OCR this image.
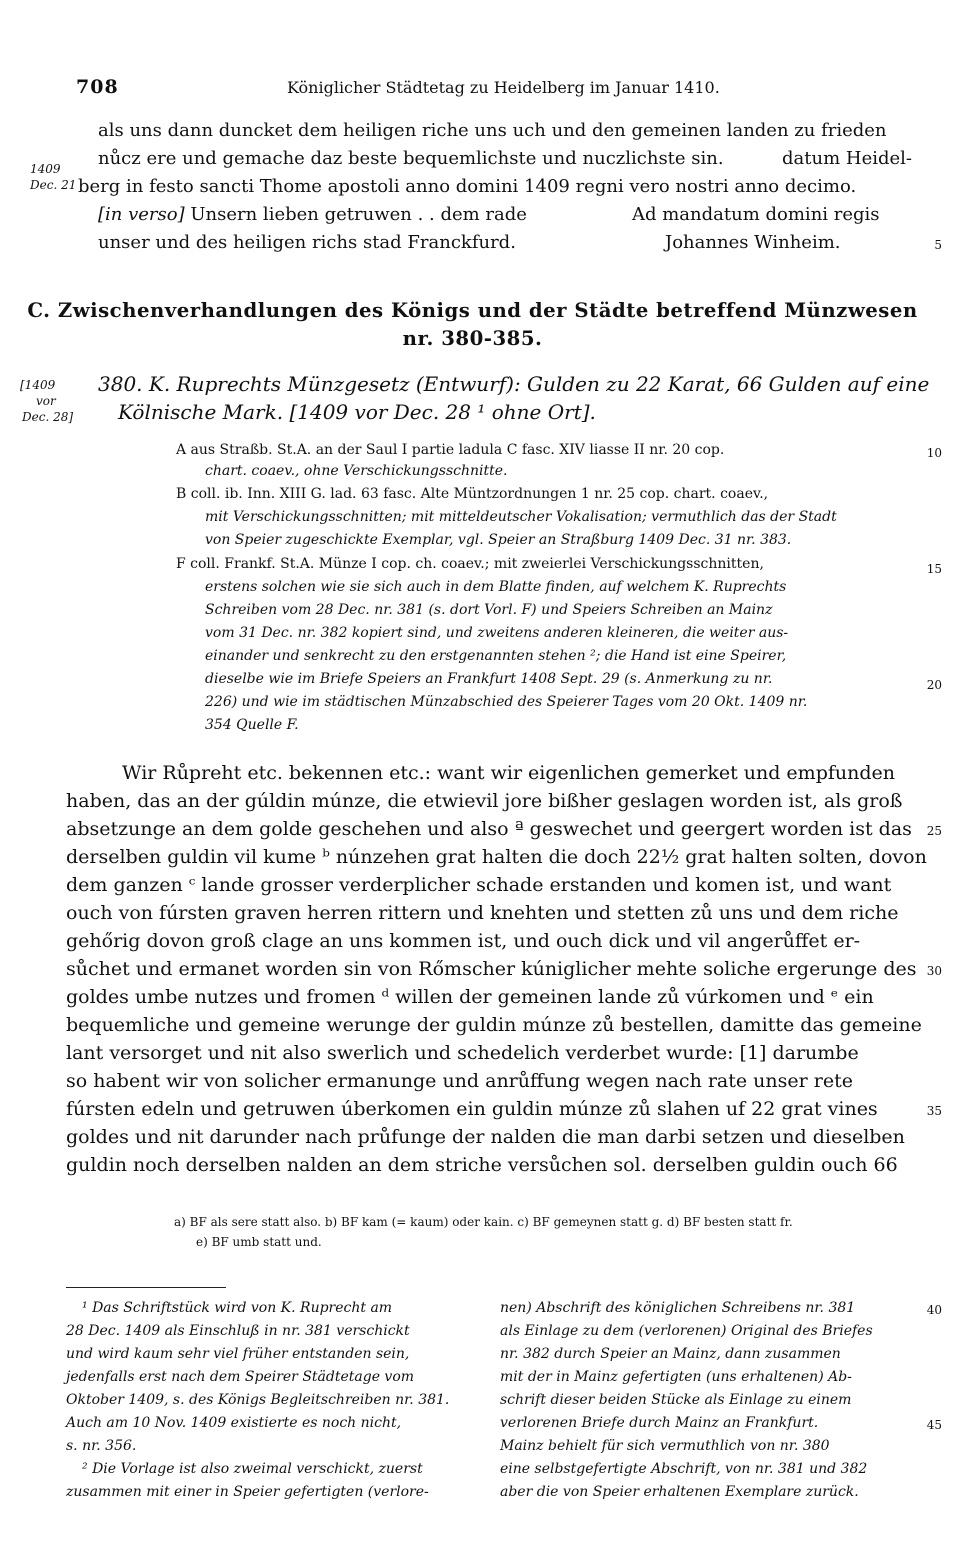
708	Königlicher Städtetag zu Heidelberg im Januar 1410.
als uns dann duncket dem heiligen riche uns uch und den gemeinen landen zu frieden
nůcz ere und gemache daz beste bequemlichste und nuczlichste sin.	datum Heidel-
1409
Dec. 21 berg in festo sancti Thome apostoli anno domini 1409 regni vero nostri anno decimo.
[in verso] Unsern lieben getruwen . . dem rade	Ad mandatum domini regis
unser und des heiligen richs stad Franckfurd.	Johannes Winheim.	5
C. Zwischenverhandlungen des Königs und der Städte betreffend Münzwesen
nr. 380-385.
[1409
vor
Dec. 28]
380. K. Ruprechts Münzgesetz (Entwurf): Gulden zu 22 Karat, 66 Gulden auf eine
Kölnische Mark. [1409 vor Dec. 28 ¹ ohne Ort].
A aus Straßb. St.A. an der Saul I partie ladula C fasc. XIV liasse II nr. 20 cop.
chart. coaev., ohne Verschickungsschnitte.
B coll. ib. Inn. XIII G. lad. 63 fasc. Alte Müntzordnungen 1 nr. 25 cop. chart. coaev.,
mit Verschickungsschnitten; mit mitteldeutscher Vokalisation; vermuthlich das der Stadt
von Speier zugeschickte Exemplar, vgl. Speier an Straßburg 1409 Dec. 31 nr. 383.
F coll. Frankf. St.A. Münze I cop. ch. coaev.; mit zweierlei Verschickungsschnitten,
erstens solchen wie sie sich auch in dem Blatte finden, auf welchem K. Ruprechts
Schreiben vom 28 Dec. nr. 381 (s. dort Vorl. F) und Speiers Schreiben an Mainz
vom 31 Dec. nr. 382 kopiert sind, und zweitens anderen kleineren, die weiter aus-
einander und senkrecht zu den erstgenannten stehen ²; die Hand ist eine Speirer,
dieselbe wie im Briefe Speiers an Frankfurt 1408 Sept. 29 (s. Anmerkung zu nr.
226) und wie im städtischen Münzabschied des Speierer Tages vom 20 Okt. 1409 nr.
354 Quelle F.
10
15
20
Wir Růpreht etc. bekennen etc.: want wir eigenlichen gemerket und empfunden
haben, das an der gúldin múnze, die etwievil jore bißher geslagen worden ist, als groß
absetzunge an dem golde geschehen und also ª geswechet und geergert worden ist das
derselben guldin vil kume ᵇ núnzehen grat halten die doch 22½ grat halten solten, dovon
dem ganzen ᶜ lande grosser verderplicher schade erstanden und komen ist, und want
ouch von fúrsten graven herren rittern und knehten und stetten zů uns und dem riche
gehőrig dovon groß clage an uns kommen ist, und ouch dick und vil angerůffet er-
sůchet und ermanet worden sin von Rőmscher kúniglicher mehte soliche ergerunge des
goldes umbe nutzes und fromen ᵈ willen der gemeinen lande zů vúrkomen und ᵉ ein
bequemliche und gemeine werunge der guldin múnze zů bestellen, damitte das gemeine
lant versorget und nit also swerlich und schedelich verderbet wurde: [1] darumbe
so habent wir von solicher ermanunge und anrůffung wegen nach rate unser rete
fúrsten edeln und getruwen úberkomen ein guldin múnze zů slahen uf 22 grat vines
goldes und nit darunder nach průfunge der nalden die man darbi setzen und dieselben
guldin noch derselben nalden an dem striche versůchen sol. derselben guldin ouch 66
25
30
35
a) BF als sere statt also. b) BF kam (= kaum) oder kain. c) BF gemeynen statt g. d) BF besten statt fr.
e) BF umb statt und.
¹ Das Schriftstück wird von K. Ruprecht am
28 Dec. 1409 als Einschluß in nr. 381 verschickt
und wird kaum sehr viel früher entstanden sein,
jedenfalls erst nach dem Speirer Städtetage vom
Oktober 1409, s. des Königs Begleitschreiben nr. 381.
Auch am 10 Nov. 1409 existierte es noch nicht,
s. nr. 356.
² Die Vorlage ist also zweimal verschickt, zuerst
zusammen mit einer in Speier gefertigten (verlore-
nen) Abschrift des königlichen Schreibens nr. 381
als Einlage zu dem (verlorenen) Original des Briefes
nr. 382 durch Speier an Mainz, dann zusammen
mit der in Mainz gefertigten (uns erhaltenen) Ab-
schrift dieser beiden Stücke als Einlage zu einem
verlorenen Briefe durch Mainz an Frankfurt.
Mainz behielt für sich vermuthlich von nr. 380
eine selbstgefertigte Abschrift, von nr. 381 und 382
aber die von Speier erhaltenen Exemplare zurück.
40
45
